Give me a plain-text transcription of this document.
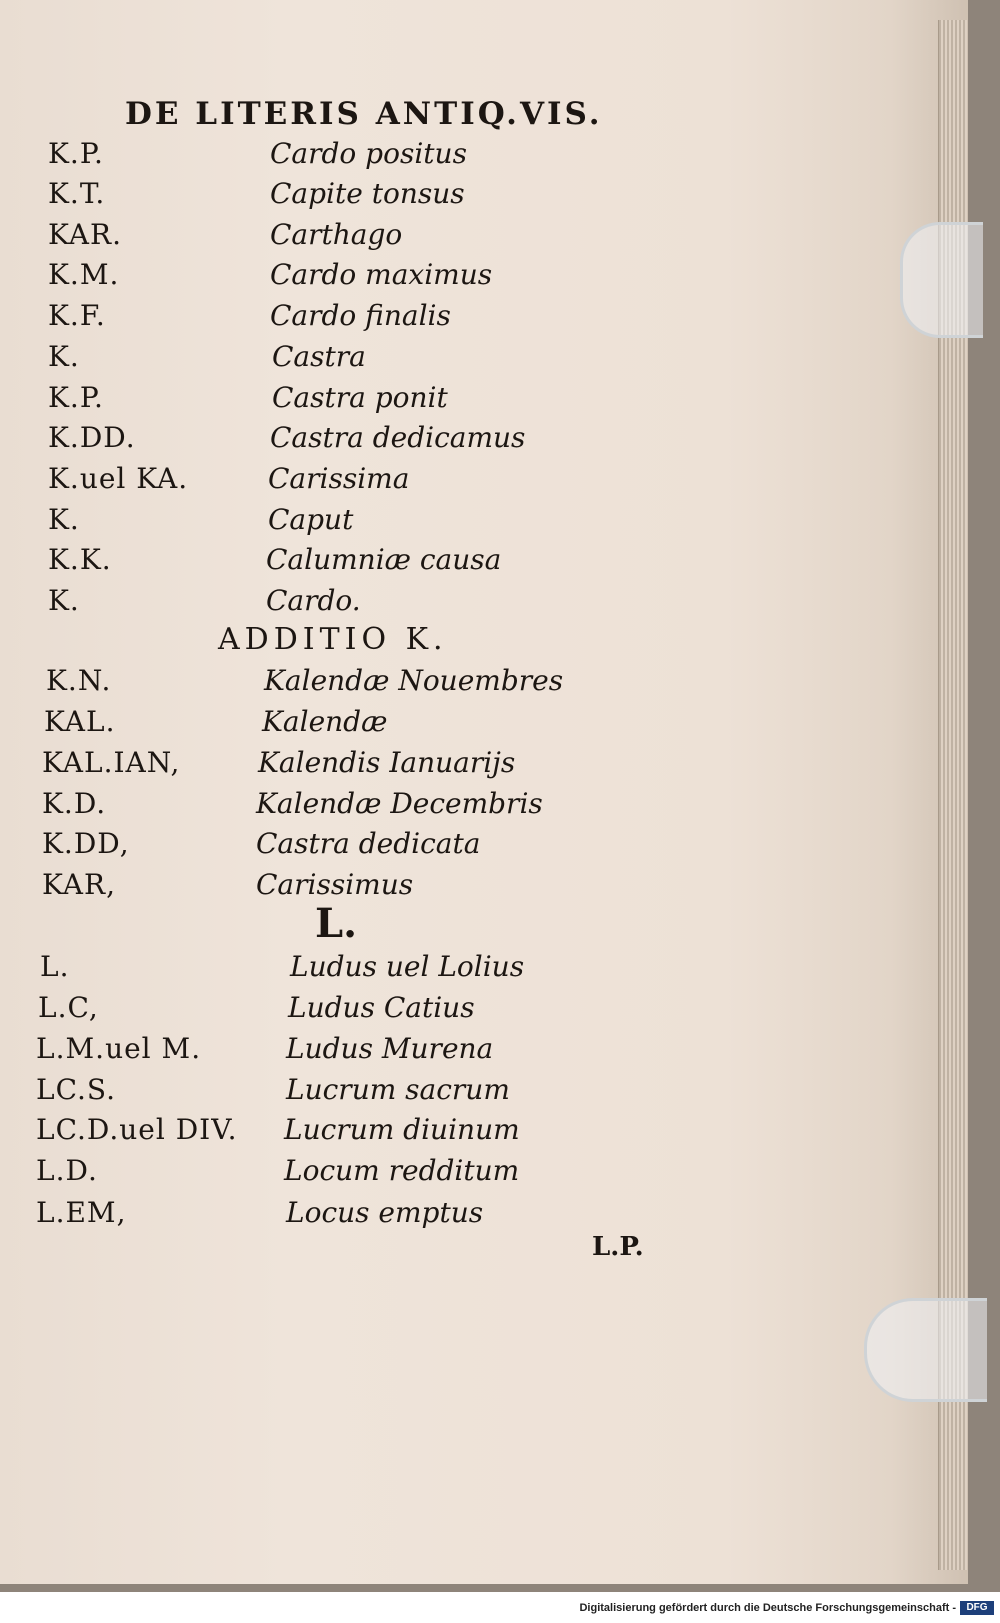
DE LITERIS ANTIQ.VIS.
K.P.	Cardo positus
K.T.	Capite tonsus
KAR.	Carthago
K.M.	Cardo maximus
K.F.	Cardo finalis
K.	Castra
K.P.	Castra ponit
K.DD.	Castra dedicamus
K.uel KA.	Carissima
K.	Caput
K.K.	Calumniæ causa
K.	Cardo.
ADDITIO K.
K.N.	Kalendæ Nouembres
KAL.	Kalendæ
KAL.IAN,	Kalendis Ianuarijs
K.D.	Kalendæ Decembris
K.DD,	Castra dedicata
KAR,	Carissimus
L.
L.	Ludus uel Lolius
L.C,	Ludus Catius
L.M.uel M.	Ludus Murena
LC.S.	Lucrum sacrum
LC.D.uel DIV. Lucrum diuinum
L.D.	Locum redditum
L.EM,	Locus emptus
L.P.
Digitalisierung gefördert durch die Deutsche Forschungsgemeinschaft -	DFG
